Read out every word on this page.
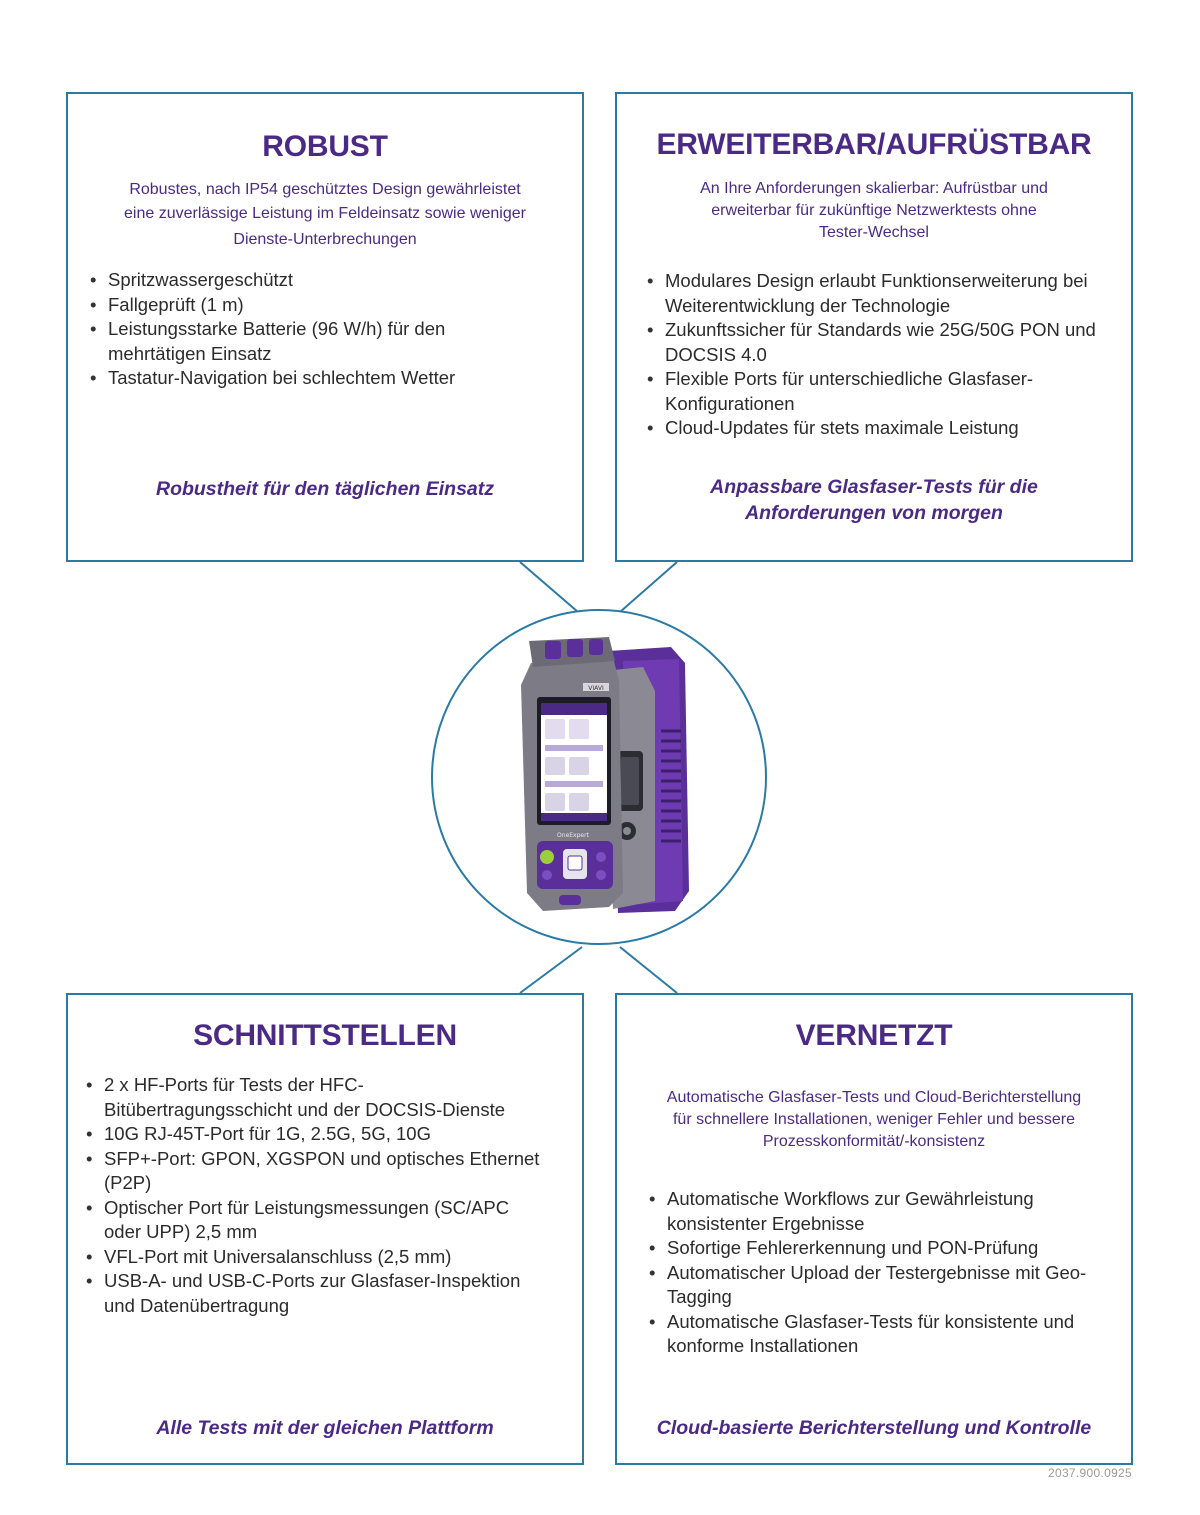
ROBUST
Robustes, nach IP54 geschütztes Design gewährleistet
eine zuverlässige Leistung im Feldeinsatz sowie weniger
Dienste-Unterbrechungen
• Spritzwassergeschützt
• Fallgeprüft (1 m)
• Leistungsstarke Batterie (96 W/h) für den mehrtätigen Einsatz
• Tastatur-Navigation bei schlechtem Wetter

Robustheit für den täglichen Einsatz

ERWEITERBAR/AUFRÜSTBAR
An Ihre Anforderungen skalierbar: Aufrüstbar und
erweiterbar für zukünftige Netzwerktests ohne
Tester-Wechsel
• Modulares Design erlaubt Funktionserweiterung bei Weiterentwicklung der Technologie
• Zukunftssicher für Standards wie 25G/50G PON und DOCSIS 4.0
• Flexible Ports für unterschiedliche Glasfaser-Konfigurationen
• Cloud-Updates für stets maximale Leistung
Anpassbare Glasfaser-Tests für die
Anforderungen von morgen
SCHNITTSTELLEN
• 2 x HF-Ports für Tests der HFC-Bitübertragungsschicht und der DOCSIS-Dienste
• 10G RJ-45T-Port für 1G, 2.5G, 5G, 10G
• SFP+-Port: GPON, XGSPON und optisches Ethernet (P2P)
• Optischer Port für Leistungsmessungen (SC/APC oder UPP) 2,5 mm
• VFL-Port mit Universalanschluss (2,5 mm)
• USB-A- und USB-C-Ports zur Glasfaser-Inspektion und Datenübertragung

Alle Tests mit der gleichen Plattform

VERNETZT
Automatische Glasfaser-Tests und Cloud-Berichterstellung
für schnellere Installationen, weniger Fehler und bessere
Prozesskonformität/-konsistenz
• Automatische Workflows zur Gewährleistung konsistenter Ergebnisse
• Sofortige Fehlererkennung und PON-Prüfung
• Automatischer Upload der Testergebnisse mit Geo-Tagging
• Automatische Glasfaser-Tests für konsistente und konforme Installationen

Cloud-basierte Berichterstellung und Kontrolle

VIAVI
OneExpert
2037.900.0925
